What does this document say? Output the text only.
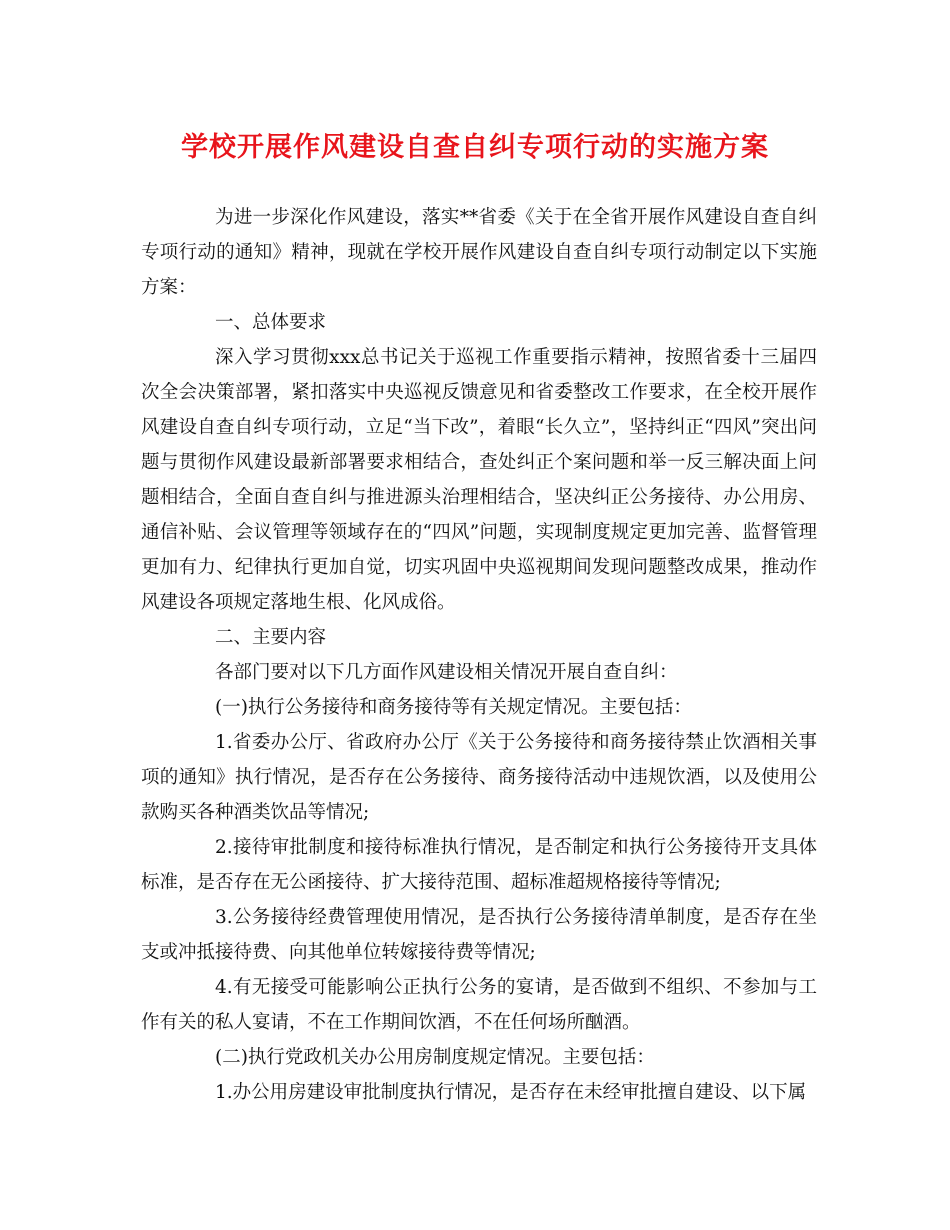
学校开展作风建设自查自纠专项行动的实施方案

为进一步深化作风建设，落实**省委《关于在全省开展作风建设自查自纠专项行动的通知》精神，现就在学校开展作风建设自查自纠专项行动制定以下实施方案：

一、总体要求

深入学习贯彻xxx总书记关于巡视工作重要指示精神，按照省委十三届四次全会决策部署，紧扣落实中央巡视反馈意见和省委整改工作要求，在全校开展作风建设自查自纠专项行动，立足“当下改”，着眼“长久立”，坚持纠正“四风”突出问题与贯彻作风建设最新部署要求相结合，查处纠正个案问题和举一反三解决面上问题相结合，全面自查自纠与推进源头治理相结合，坚决纠正公务接待、办公用房、通信补贴、会议管理等领域存在的“四风”问题，实现制度规定更加完善、监督管理更加有力、纪律执行更加自觉，切实巩固中央巡视期间发现问题整改成果，推动作风建设各项规定落地生根、化风成俗。

二、主要内容

各部门要对以下几方面作风建设相关情况开展自查自纠：

(一)执行公务接待和商务接待等有关规定情况。主要包括：

1.省委办公厅、省政府办公厅《关于公务接待和商务接待禁止饮酒相关事项的通知》执行情况，是否存在公务接待、商务接待活动中违规饮酒，以及使用公款购买各种酒类饮品等情况;

2.接待审批制度和接待标准执行情况，是否制定和执行公务接待开支具体标准，是否存在无公函接待、扩大接待范围、超标准超规格接待等情况;

3.公务接待经费管理使用情况，是否执行公务接待清单制度，是否存在坐支或冲抵接待费、向其他单位转嫁接待费等情况;

4.有无接受可能影响公正执行公务的宴请，是否做到不组织、不参加与工作有关的私人宴请，不在工作期间饮酒，不在任何场所酗酒。

(二)执行党政机关办公用房制度规定情况。主要包括：

1.办公用房建设审批制度执行情况，是否存在未经审批擅自建设、以下属
